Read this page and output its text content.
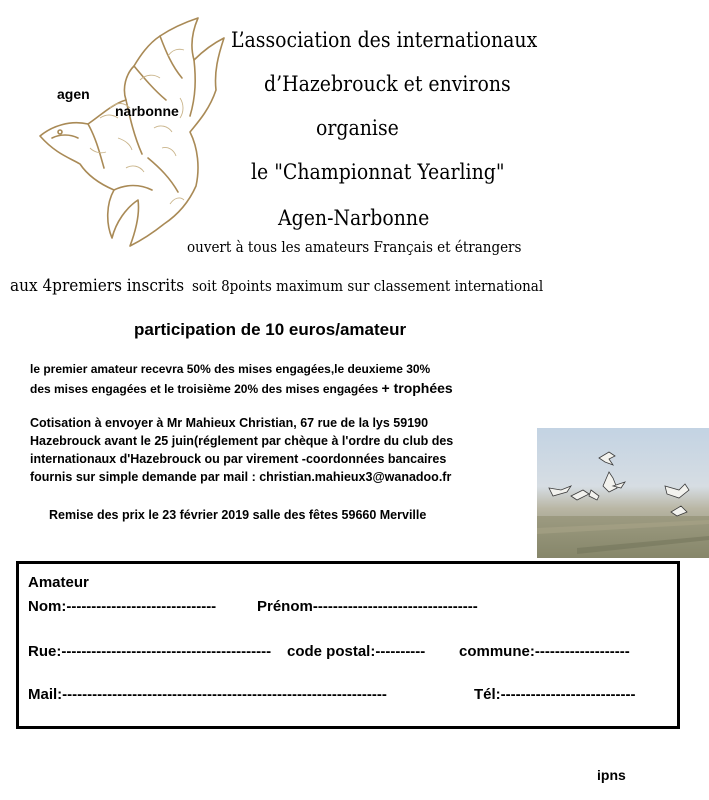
agen
narbonne
L’association des internationaux
d’Hazebrouck et environs
organise
le "Championnat Yearling"
Agen-Narbonne
ouvert à tous les amateurs Français et étrangers
aux 4premiers inscrits soit 8points maximum sur classement international
participation de 10 euros/amateur
le premier amateur recevra 50% des mises engagées,le deuxieme 30%
des mises engagées et le troisième 20% des mises engagées + trophées
Cotisation à envoyer à Mr Mahieux Christian, 67 rue de la lys 59190
Hazebrouck avant le 25 juin(réglement par chèque à l'ordre du club des
internationaux d'Hazebrouck ou par virement -coordonnées bancaires
fournis sur simple demande par mail : christian.mahieux3@wanadoo.fr
Remise des prix le 23 février 2019 salle des fêtes 59660 Merville
Amateur
Nom:------------------------------	Prénom---------------------------------
Rue:------------------------------------------ code postal:---------- commune:-------------------
Mail:-----------------------------------------------------------------	Tél:---------------------------
ipns
